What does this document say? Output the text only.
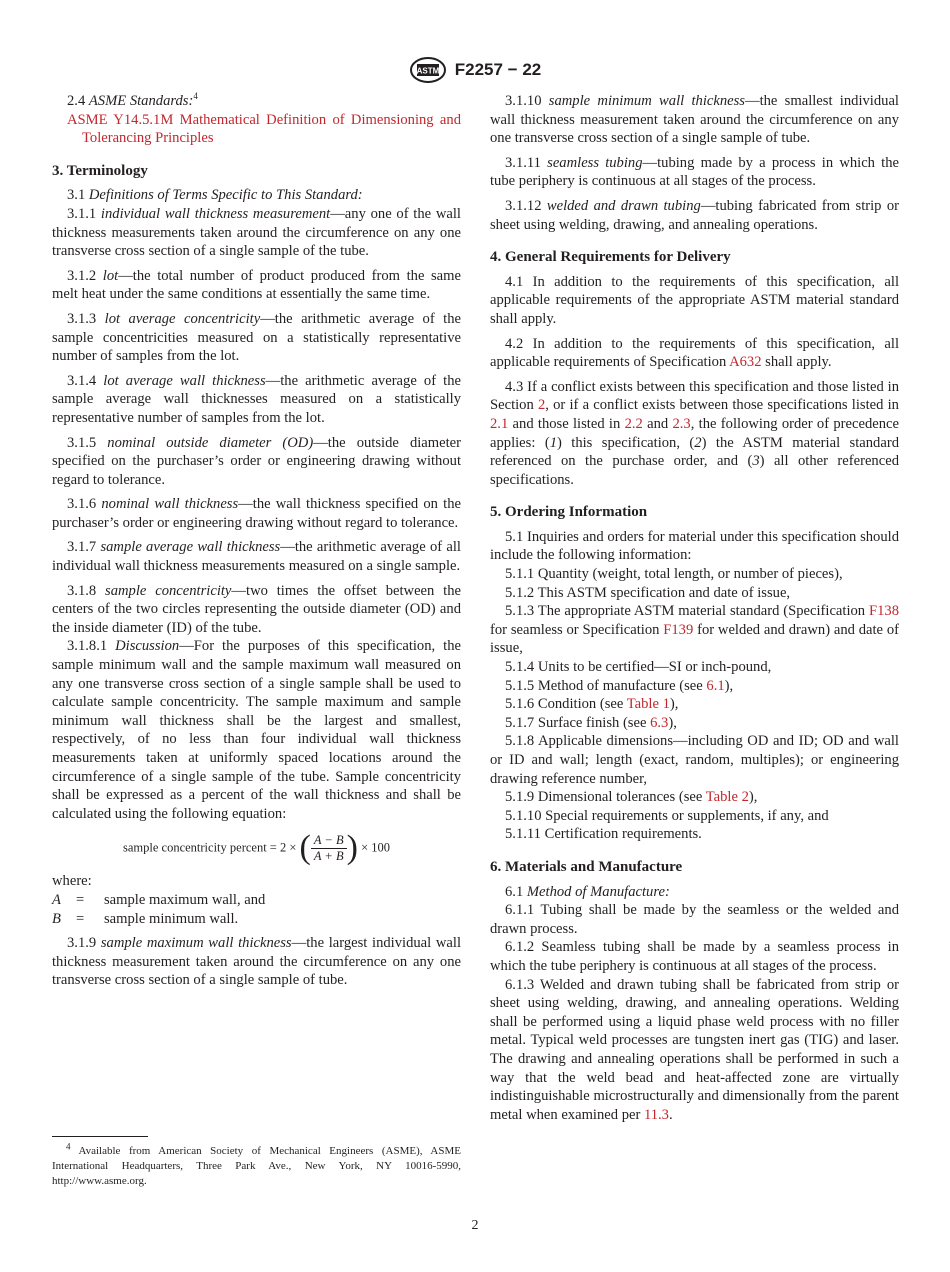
ASTM F2257 − 22

2.4 ASME Standards:$^4$

ASME Y14.5.1M Mathematical Definition of Dimensioning and Tolerancing Principles

3. Terminology

3.1 Definitions of Terms Specific to This Standard:

3.1.1 individual wall thickness measurement—any one of the wall thickness measurements taken around the circumference on any one transverse cross section of a single sample of the tube.

3.1.2 lot—the total number of product produced from the same melt heat under the same conditions at essentially the same time.

3.1.3 lot average concentricity—the arithmetic average of the sample concentricities measured on a statistically representative number of samples from the lot.

3.1.4 lot average wall thickness—the arithmetic average of the sample average wall thicknesses measured on a statistically representative number of samples from the lot.

3.1.5 nominal outside diameter (OD)—the outside diameter specified on the purchaser’s order or engineering drawing without regard to tolerance.

3.1.6 nominal wall thickness—the wall thickness specified on the purchaser’s order or engineering drawing without regard to tolerance.

3.1.7 sample average wall thickness—the arithmetic average of all individual wall thickness measurements measured on a single sample.

3.1.8 sample concentricity—two times the offset between the centers of the two circles representing the outside diameter (OD) and the inside diameter (ID) of the tube.

3.1.8.1 Discussion—For the purposes of this specification, the sample minimum wall and the sample maximum wall measured on any one transverse cross section of a single sample shall be used to calculate sample concentricity. The sample maximum and sample minimum wall thickness shall be the largest and smallest, respectively, of no less than four individual wall thickness measurements taken at uniformly spaced locations around the circumference of a single sample of the tube. Sample concentricity shall be expressed as a percent of the wall thickness and shall be calculated using the following equation:

sample concentricity percent = 2 × ( $\frac{A - B}{A + B}$ ) × 100

where:

A	=	sample maximum wall, and
B	=	sample minimum wall.

3.1.9 sample maximum wall thickness—the largest individual wall thickness measurement taken around the circumference on any one transverse cross section of a single sample of tube.

$^4$ Available from American Society of Mechanical Engineers (ASME), ASME International Headquarters, Three Park Ave., New York, NY 10016-5990, http://www.asme.org.

3.1.10 sample minimum wall thickness—the smallest individual wall thickness measurement taken around the circumference on any one transverse cross section of a single sample of tube.

3.1.11 seamless tubing—tubing made by a process in which the tube periphery is continuous at all stages of the process.

3.1.12 welded and drawn tubing—tubing fabricated from strip or sheet using welding, drawing, and annealing operations.

4. General Requirements for Delivery

4.1 In addition to the requirements of this specification, all applicable requirements of the appropriate ASTM material standard shall apply.

4.2 In addition to the requirements of this specification, all applicable requirements of Specification A632 shall apply.

4.3 If a conflict exists between this specification and those listed in Section 2, or if a conflict exists between those specifications listed in 2.1 and those listed in 2.2 and 2.3, the following order of precedence applies: (1) this specification, (2) the ASTM material standard referenced on the purchase order, and (3) all other referenced specifications.

5. Ordering Information

5.1 Inquiries and orders for material under this specification should include the following information:

5.1.1 Quantity (weight, total length, or number of pieces),

5.1.2 This ASTM specification and date of issue,

5.1.3 The appropriate ASTM material standard (Specification F138 for seamless or Specification F139 for welded and drawn) and date of issue,

5.1.4 Units to be certified—SI or inch-pound,

5.1.5 Method of manufacture (see 6.1),

5.1.6 Condition (see Table 1),

5.1.7 Surface finish (see 6.3),

5.1.8 Applicable dimensions—including OD and ID; OD and wall or ID and wall; length (exact, random, multiples); or engineering drawing reference number,

5.1.9 Dimensional tolerances (see Table 2),

5.1.10 Special requirements or supplements, if any, and

5.1.11 Certification requirements.

6. Materials and Manufacture

6.1 Method of Manufacture:

6.1.1 Tubing shall be made by the seamless or the welded and drawn process.

6.1.2 Seamless tubing shall be made by a seamless process in which the tube periphery is continuous at all stages of the process.

6.1.3 Welded and drawn tubing shall be fabricated from strip or sheet using welding, drawing, and annealing operations. Welding shall be performed using a liquid phase weld process with no filler metal. Typical weld processes are tungsten inert gas (TIG) and laser. The drawing and annealing operations shall be performed in such a way that the weld bead and heat-affected zone are virtually indistinguishable microstructurally and dimensionally from the parent metal when examined per 11.3.

2
